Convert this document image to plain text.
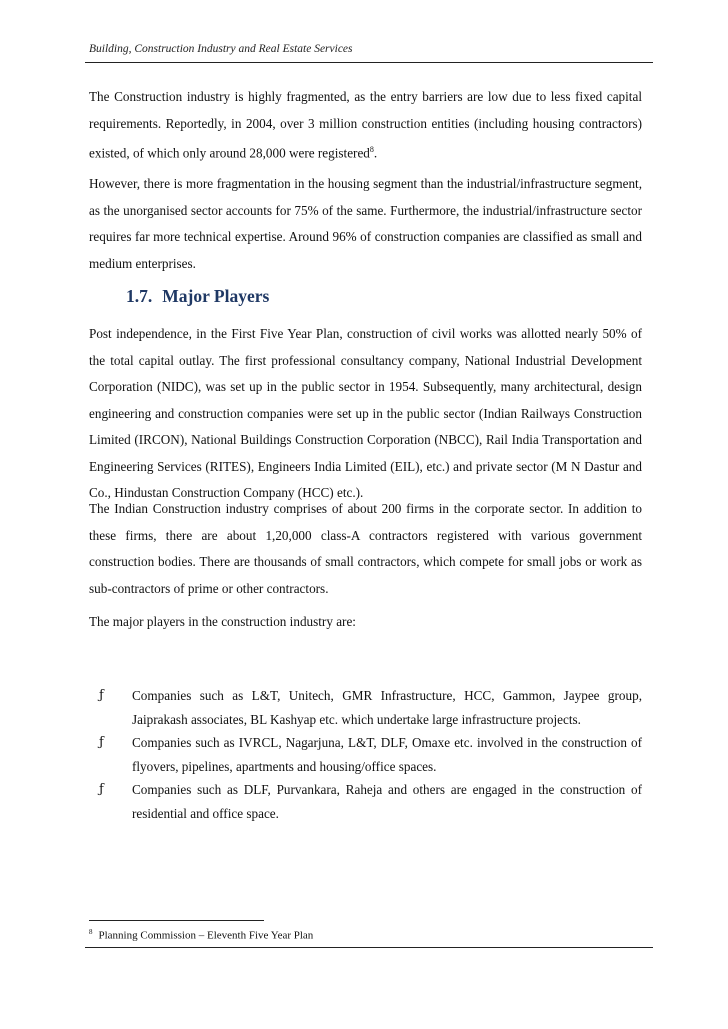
Building, Construction Industry and Real Estate Services

The Construction industry is highly fragmented, as the entry barriers are low due to less fixed capital requirements. Reportedly, in 2004, over 3 million construction entities (including housing contractors) existed, of which only around 28,000 were registered$^8$.

However, there is more fragmentation in the housing segment than the industrial/infrastructure segment, as the unorganised sector accounts for 75% of the same. Furthermore, the industrial/infrastructure sector requires far more technical expertise. Around 96% of construction companies are classified as small and medium enterprises.

1.7. Major Players

Post independence, in the First Five Year Plan, construction of civil works was allotted nearly 50% of the total capital outlay. The first professional consultancy company, National Industrial Development Corporation (NIDC), was set up in the public sector in 1954. Subsequently, many architectural, design engineering and construction companies were set up in the public sector (Indian Railways Construction Limited (IRCON), National Buildings Construction Corporation (NBCC), Rail India Transportation and Engineering Services (RITES), Engineers India Limited (EIL), etc.) and private sector (M N Dastur and Co., Hindustan Construction Company (HCC) etc.).

The Indian Construction industry comprises of about 200 firms in the corporate sector. In addition to these firms, there are about 1,20,000 class-A contractors registered with various government construction bodies. There are thousands of small contractors, which compete for small jobs or work as sub-contractors of prime or other contractors.

The major players in the construction industry are:

ƒ Companies such as L&T, Unitech, GMR Infrastructure, HCC, Gammon, Jaypee group, Jaiprakash associates, BL Kashyap etc. which undertake large infrastructure projects.
ƒ Companies such as IVRCL, Nagarjuna, L&T, DLF, Omaxe etc. involved in the construction of flyovers, pipelines, apartments and housing/office spaces.
ƒ Companies such as DLF, Purvankara, Raheja and others are engaged in the construction of residential and office space.
$^8$ Planning Commission – Eleventh Five Year Plan
